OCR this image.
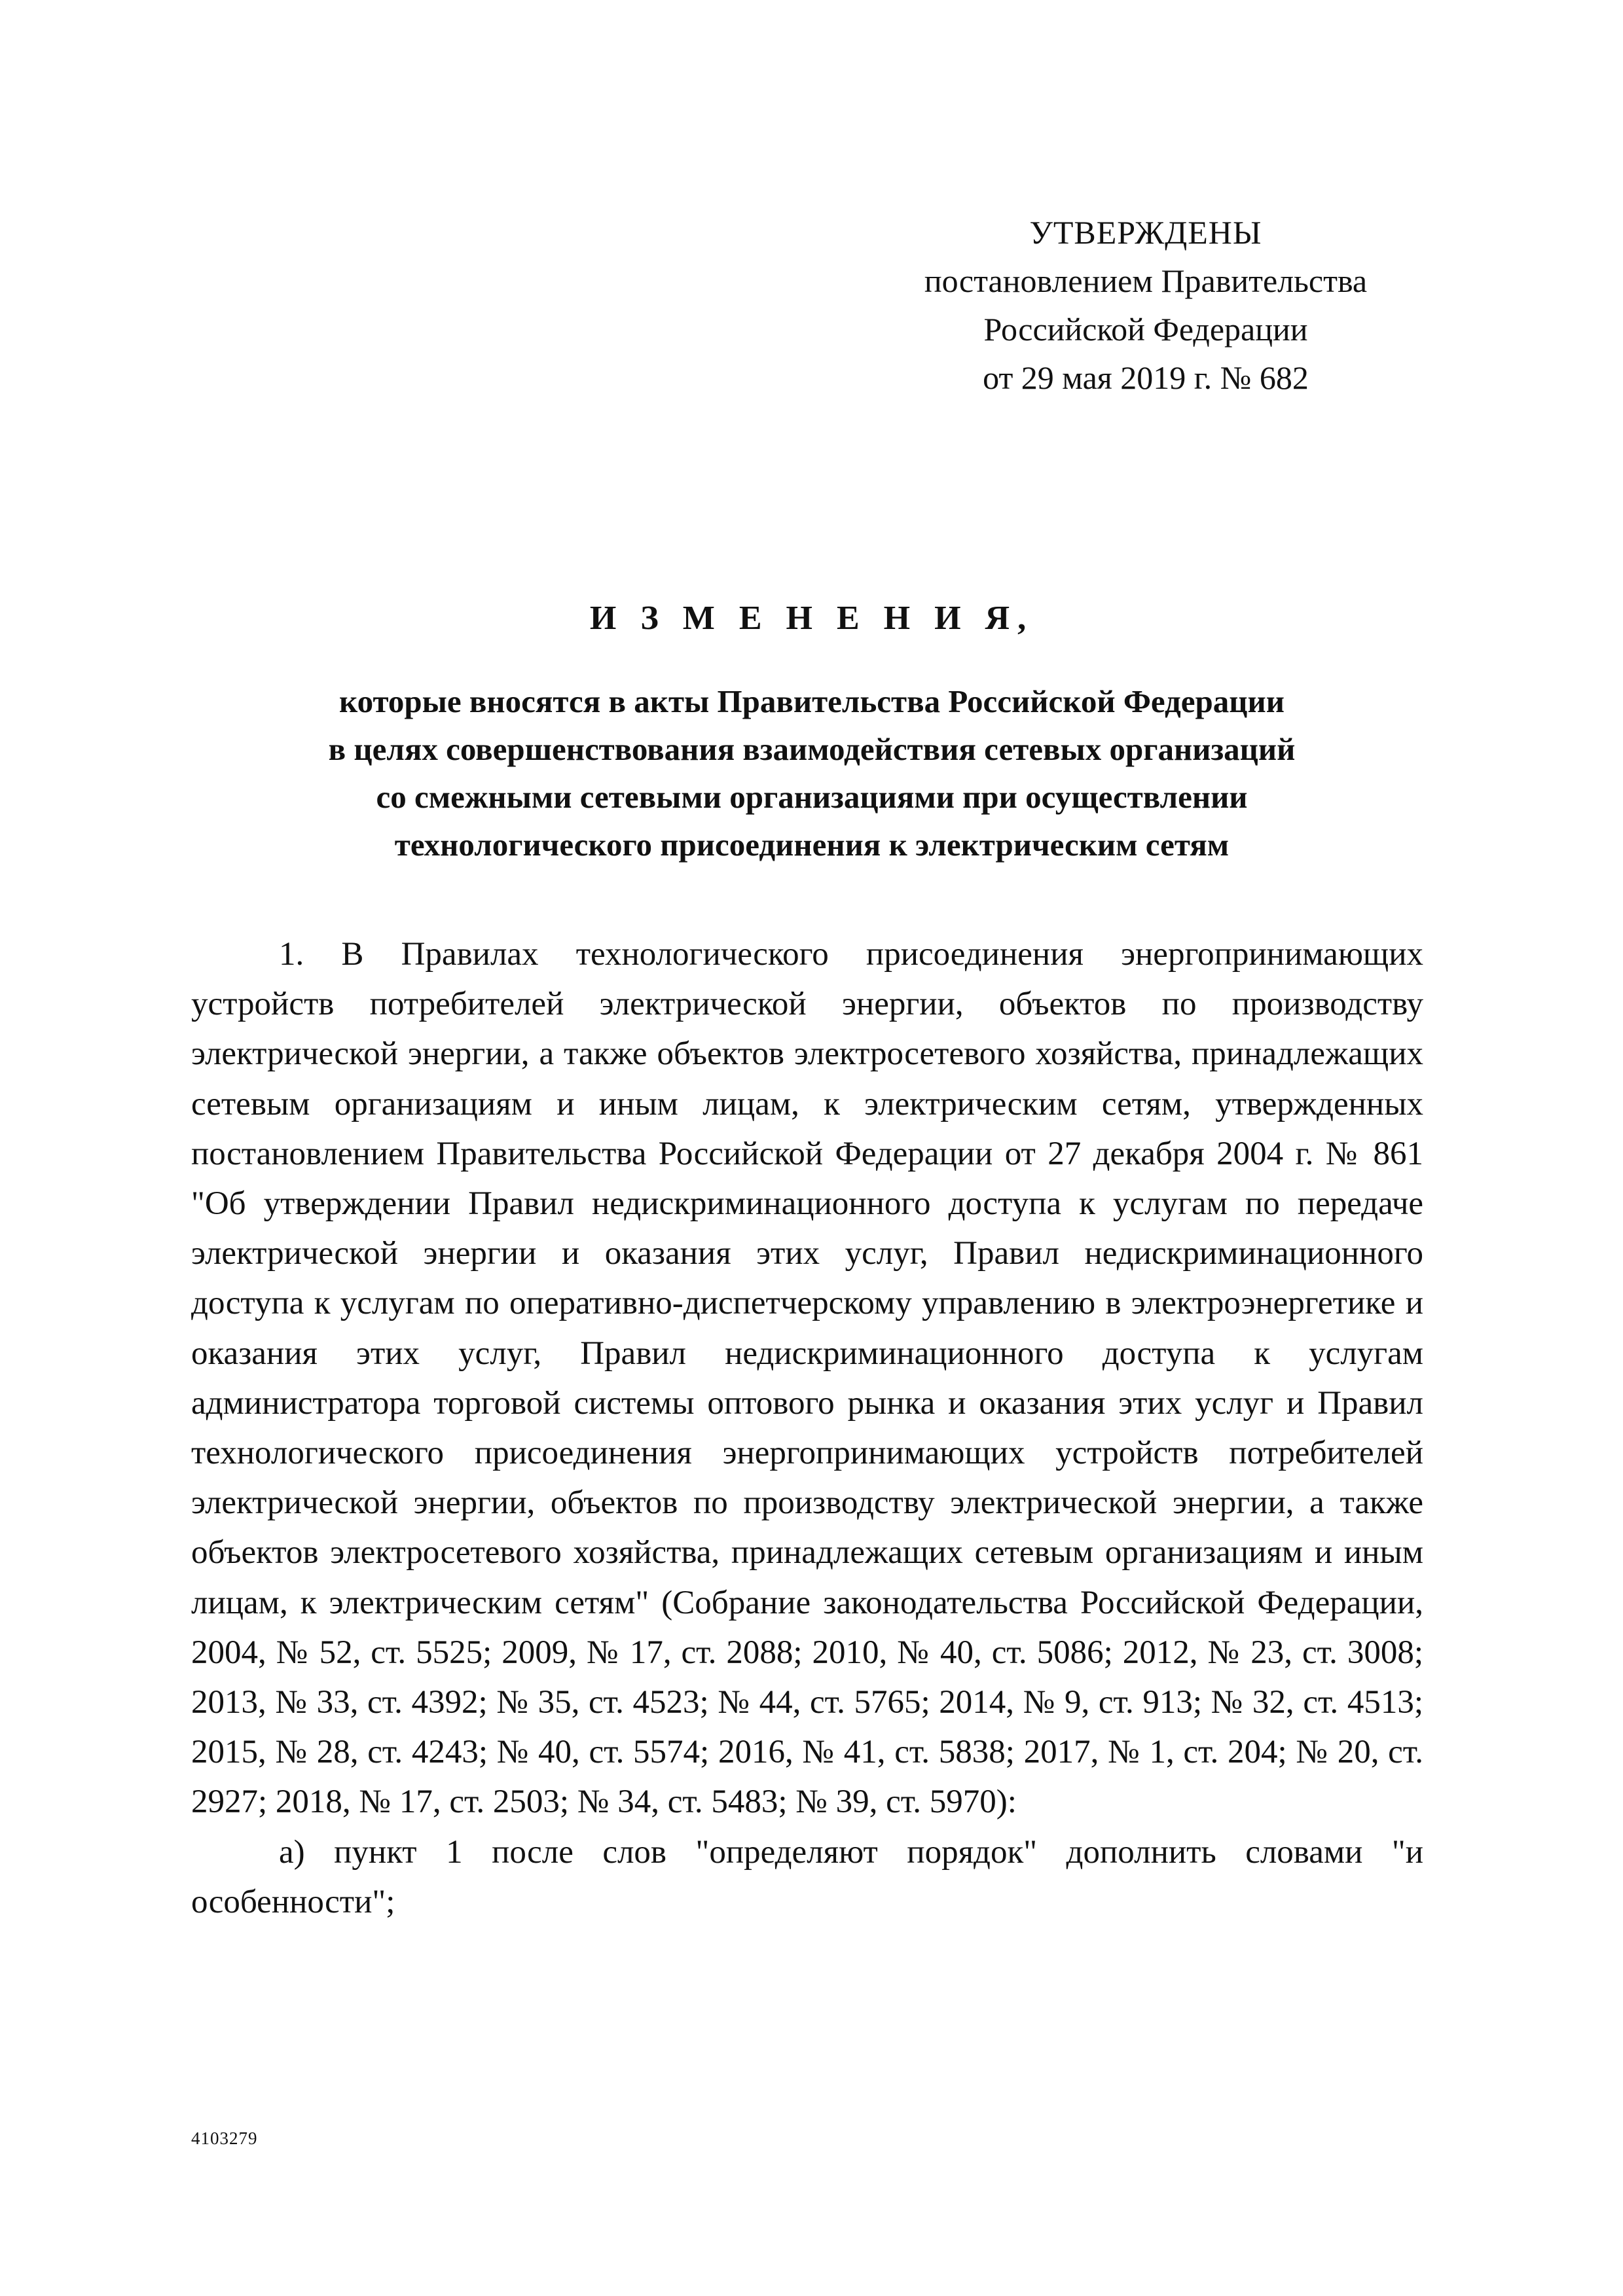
УТВЕРЖДЕНЫ
постановлением Правительства
Российской Федерации
от 29 мая 2019 г. № 682
И З М Е Н Е Н И Я,
которые вносятся в акты Правительства Российской Федерации
в целях совершенствования взаимодействия сетевых организаций
со смежными сетевыми организациями при осуществлении
технологического присоединения к электрическим сетям

1. В Правилах технологического присоединения энергопринимающих устройств потребителей электрической энергии, объектов по производству электрической энергии, а также объектов электросетевого хозяйства, принадлежащих сетевым организациям и иным лицам, к электрическим сетям, утвержденных постановлением Правительства Российской Федерации от 27 декабря 2004 г. № 861 "Об утверждении Правил недискриминационного доступа к услугам по передаче электрической энергии и оказания этих услуг, Правил недискриминационного доступа к услугам по оперативно-диспетчерскому управлению в электроэнергетике и оказания этих услуг, Правил недискриминационного доступа к услугам администратора торговой системы оптового рынка и оказания этих услуг и Правил технологического присоединения энергопринимающих устройств потребителей электрической энергии, объектов по производству электрической энергии, а также объектов электросетевого хозяйства, принадлежащих сетевым организациям и иным лицам, к электрическим сетям" (Собрание законодательства Российской Федерации, 2004, № 52, ст. 5525; 2009, № 17, ст. 2088; 2010, № 40, ст. 5086; 2012, № 23, ст. 3008; 2013, № 33, ст. 4392; № 35, ст. 4523; № 44, ст. 5765; 2014, № 9, ст. 913; № 32, ст. 4513; 2015, № 28, ст. 4243; № 40, ст. 5574; 2016, № 41, ст. 5838; 2017, № 1, ст. 204; № 20, ст. 2927; 2018, № 17, ст. 2503; № 34, ст. 5483; № 39, ст. 5970):

а) пункт 1 после слов "определяют порядок" дополнить словами "и особенности";

4103279
